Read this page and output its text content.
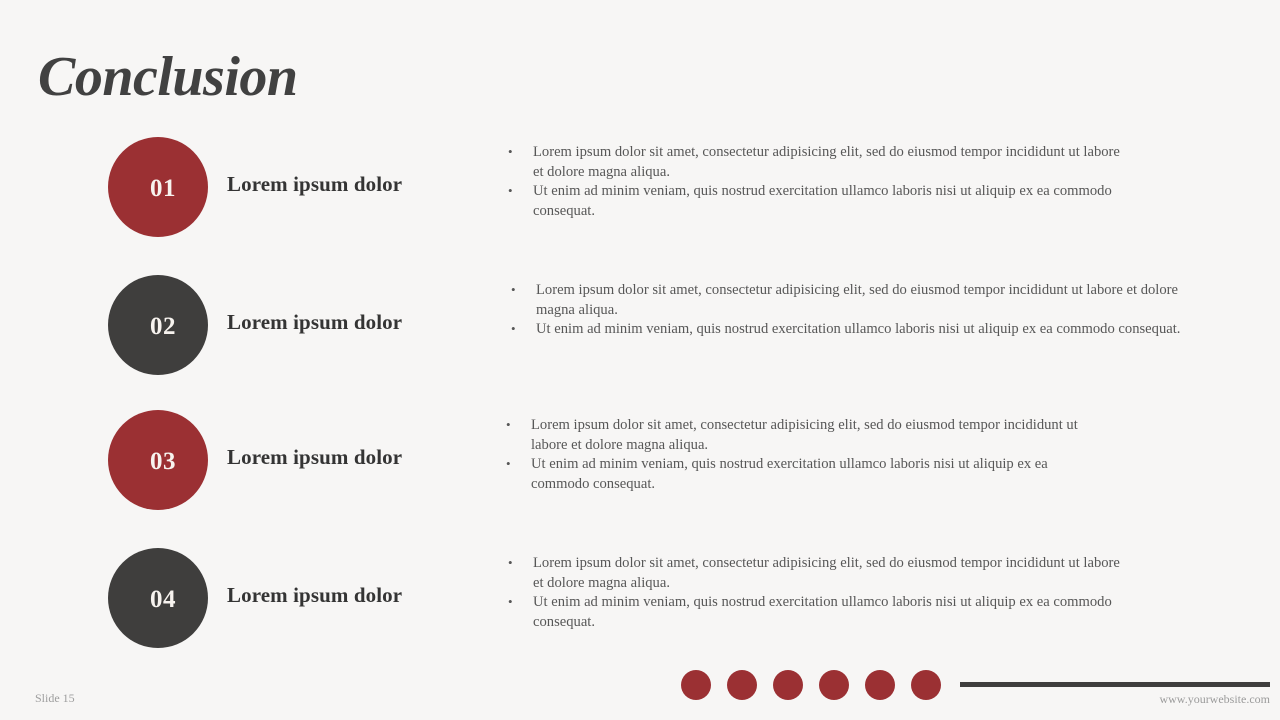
Conclusion
01 Lorem ipsum dolor
• Lorem ipsum dolor sit amet, consectetur adipisicing elit, sed do eiusmod tempor incididunt ut labore et dolore magna aliqua.
• Ut enim ad minim veniam, quis nostrud exercitation ullamco laboris nisi ut aliquip ex ea commodo consequat.
02 Lorem ipsum dolor
• Lorem ipsum dolor sit amet, consectetur adipisicing elit, sed do eiusmod tempor incididunt ut labore et dolore magna aliqua.
• Ut enim ad minim veniam, quis nostrud exercitation ullamco laboris nisi ut aliquip ex ea commodo consequat.
03 Lorem ipsum dolor
• Lorem ipsum dolor sit amet, consectetur adipisicing elit, sed do eiusmod tempor incididunt ut labore et dolore magna aliqua.
• Ut enim ad minim veniam, quis nostrud exercitation ullamco laboris nisi ut aliquip ex ea commodo consequat.
04 Lorem ipsum dolor
• Lorem ipsum dolor sit amet, consectetur adipisicing elit, sed do eiusmod tempor incididunt ut labore et dolore magna aliqua.
• Ut enim ad minim veniam, quis nostrud exercitation ullamco laboris nisi ut aliquip ex ea commodo consequat.
Slide 15	www.yourwebsite.com
